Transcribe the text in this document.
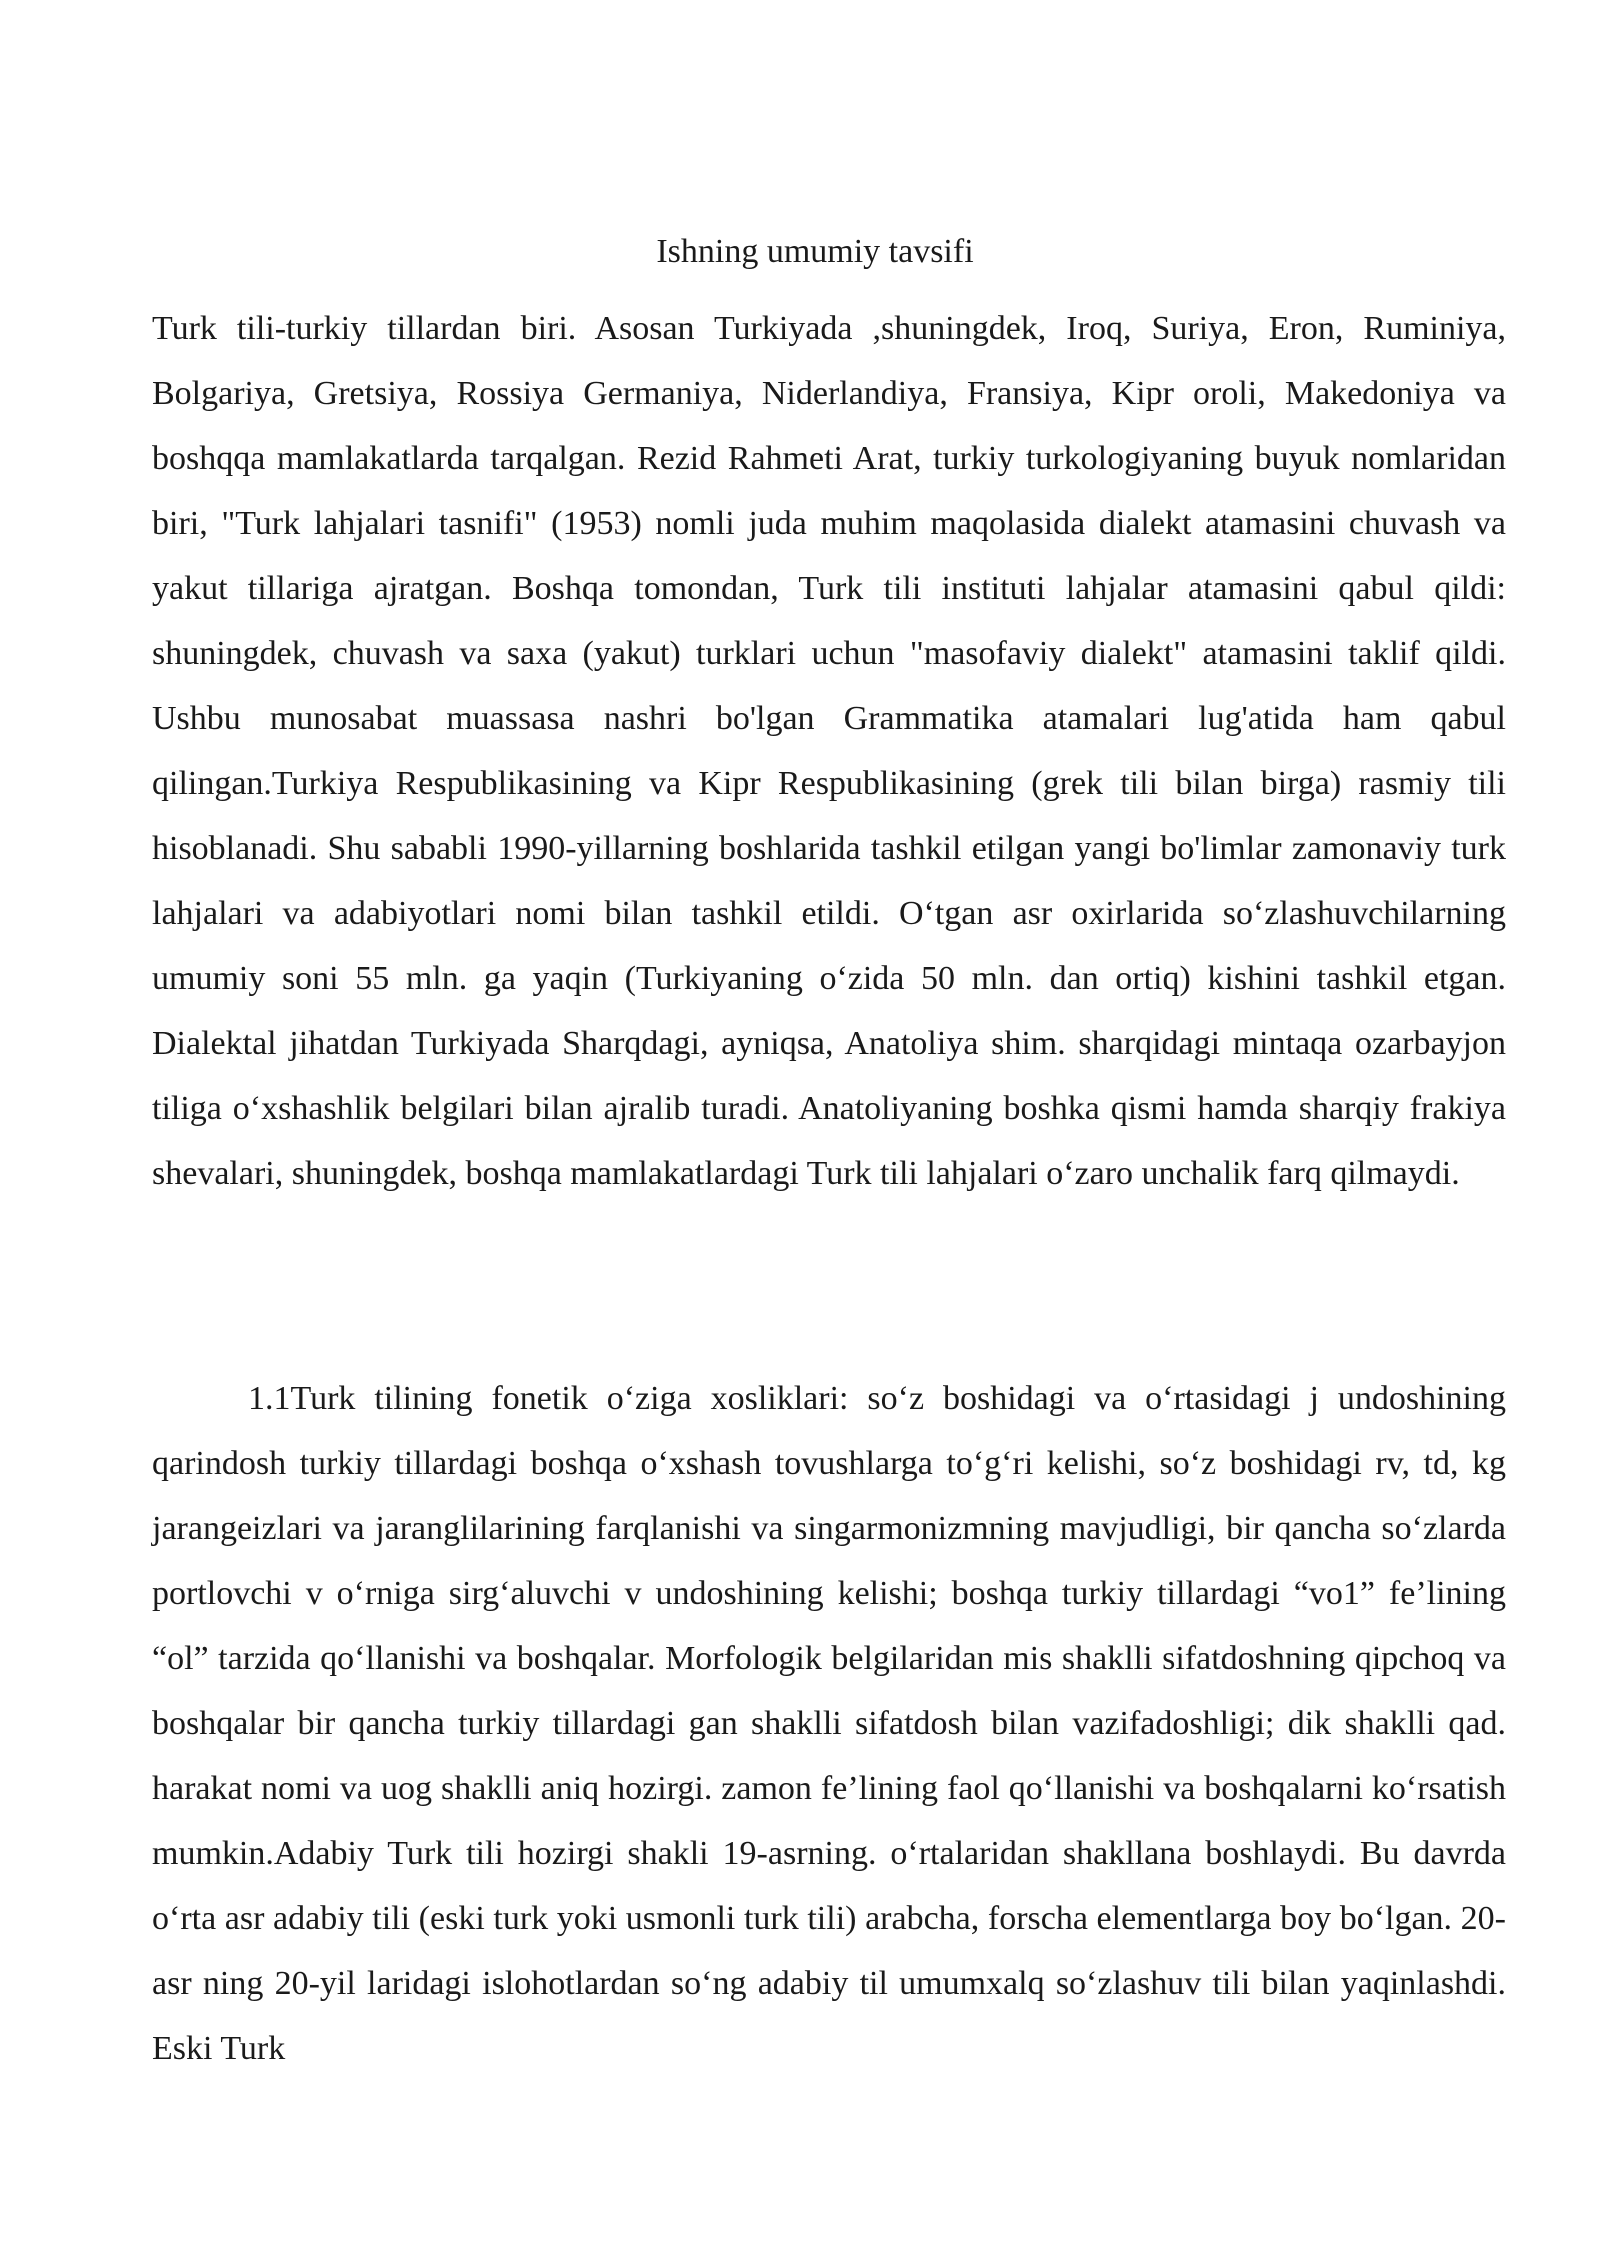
Ishning umumiy tavsifi

Turk tili-turkiy tillardan biri. Asosan Turkiyada ,shuningdek, Iroq, Suriya, Eron, Ruminiya, Bolgariya, Gretsiya, Rossiya Germaniya, Niderlandiya, Fransiya, Kipr oroli, Makedoniya va boshqqa mamlakatlarda tarqalgan. Rezid Rahmeti Arat, turkiy turkologiyaning buyuk nomlaridan biri, "Turk lahjalari tasnifi" (1953) nomli juda muhim maqolasida dialekt atamasini chuvash va yakut tillariga ajratgan. Boshqa tomondan, Turk tili instituti lahjalar atamasini qabul qildi: shuningdek, chuvash va saxa (yakut) turklari uchun "masofaviy dialekt" atamasini taklif qildi. Ushbu munosabat muassasa nashri bo'lgan Grammatika atamalari lug'atida ham qabul qilingan.Turkiya Respublikasining va Kipr Respublikasining (grek tili bilan birga) rasmiy tili hisoblanadi. Shu sababli 1990-yillarning boshlarida tashkil etilgan yangi bo'limlar zamonaviy turk lahjalari va adabiyotlari nomi bilan tashkil etildi. O‘tgan asr oxirlarida so‘zlashuvchilarning umumiy soni 55 mln. ga yaqin (Turkiyaning o‘zida 50 mln. dan ortiq) kishini tashkil etgan. Dialektal jihatdan Turkiyada Sharqdagi, ayniqsa, Anatoliya shim. sharqidagi mintaqa ozarbayjon tiliga o‘xshashlik belgilari bilan ajralib turadi. Anatoliyaning boshka qismi hamda sharqiy frakiya shevalari, shuningdek, boshqa mamlakatlardagi Turk tili lahjalari o‘zaro unchalik farq qilmaydi.

1.1Turk tilining fonetik o‘ziga xosliklari: so‘z boshidagi va o‘rtasidagi j undoshining qarindosh turkiy tillardagi boshqa o‘xshash tovushlarga to‘g‘ri kelishi, so‘z boshidagi rv, td, kg jarangeizlari va jaranglilarining farqlanishi va singarmonizmning mavjudligi, bir qancha so‘zlarda portlovchi v o‘rniga sirg‘aluvchi v undoshining kelishi; boshqa turkiy tillardagi “vo1” fe’lining “ol” tarzida qo‘llanishi va boshqalar. Morfologik belgilaridan mis shaklli sifatdoshning qipchoq va boshqalar bir qancha turkiy tillardagi gan shaklli sifatdosh bilan vazifadoshligi; dik shaklli qad. harakat nomi va uog shaklli aniq hozirgi. zamon fe’lining faol qo‘llanishi va boshqalarni ko‘rsatish mumkin.Adabiy Turk tili hozirgi shakli 19-asrning. o‘rtalaridan shakllana boshlaydi. Bu davrda o‘rta asr adabiy tili (eski turk yoki usmonli turk tili) arabcha, forscha elementlarga boy bo‘lgan. 20-asr ning 20-yil laridagi islohotlardan so‘ng adabiy til umumxalq so‘zlashuv tili bilan yaqinlashdi. Eski Turk
